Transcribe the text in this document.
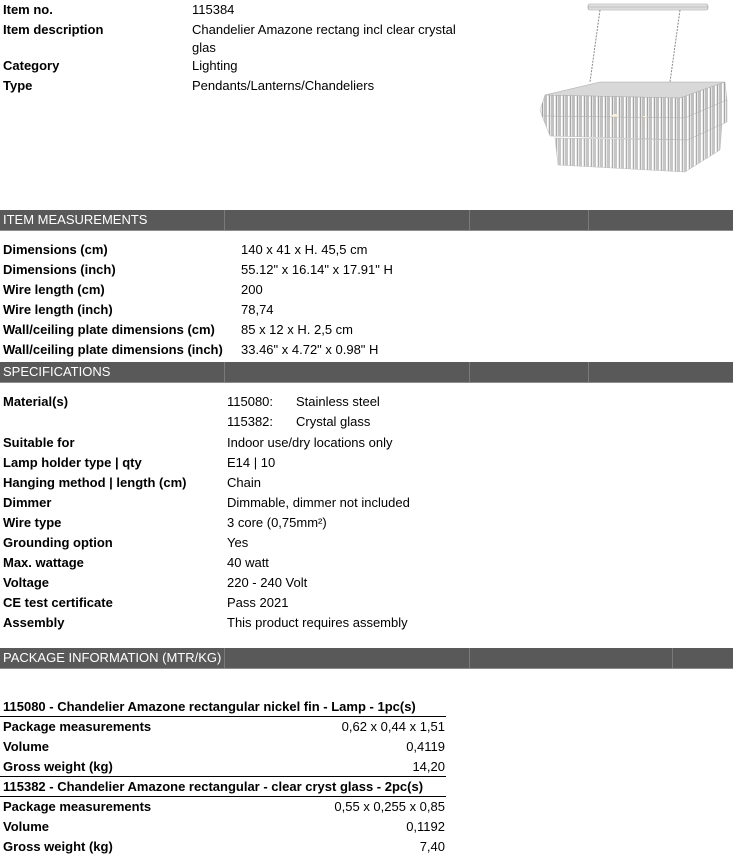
Item no.	115384
Item description	Chandelier Amazone rectang incl clear crystal
glas
Category	Lighting
Type	Pendants/Lanterns/Chandeliers
ITEM MEASUREMENTS
Dimensions (cm)	140 x 41 x H. 45,5 cm
Dimensions (inch)	55.12" x 16.14" x 17.91" H
Wire length (cm)	200
Wire length (inch)	78,74
Wall/ceiling plate dimensions (cm) 85 x 12 x H. 2,5 cm
Wall/ceiling plate dimensions (inch) 33.46" x 4.72" x 0.98" H
SPECIFICATIONS
Material(s)	115080: Stainless steel
115382: Crystal glass
Suitable for	Indoor use/dry locations only
Lamp holder type | qty	E14 | 10
Hanging method | length (cm)	Chain
Dimmer	Dimmable, dimmer not included
Wire type	3 core (0,75mm²)
Grounding option	Yes
Max. wattage	40 watt
Voltage	220 - 240 Volt
CE test certificate	Pass 2021
Assembly	This product requires assembly
PACKAGE INFORMATION (MTR/KG)
115080 - Chandelier Amazone rectangular nickel fin - Lamp - 1pc(s)
Package measurements	0,62 x 0,44 x 1,51
Volume	0,4119
Gross weight (kg)	14,20
115382 - Chandelier Amazone rectangular - clear cryst glass - 2pc(s)
Package measurements	0,55 x 0,255 x 0,85
Volume	0,1192
Gross weight (kg)	7,40
